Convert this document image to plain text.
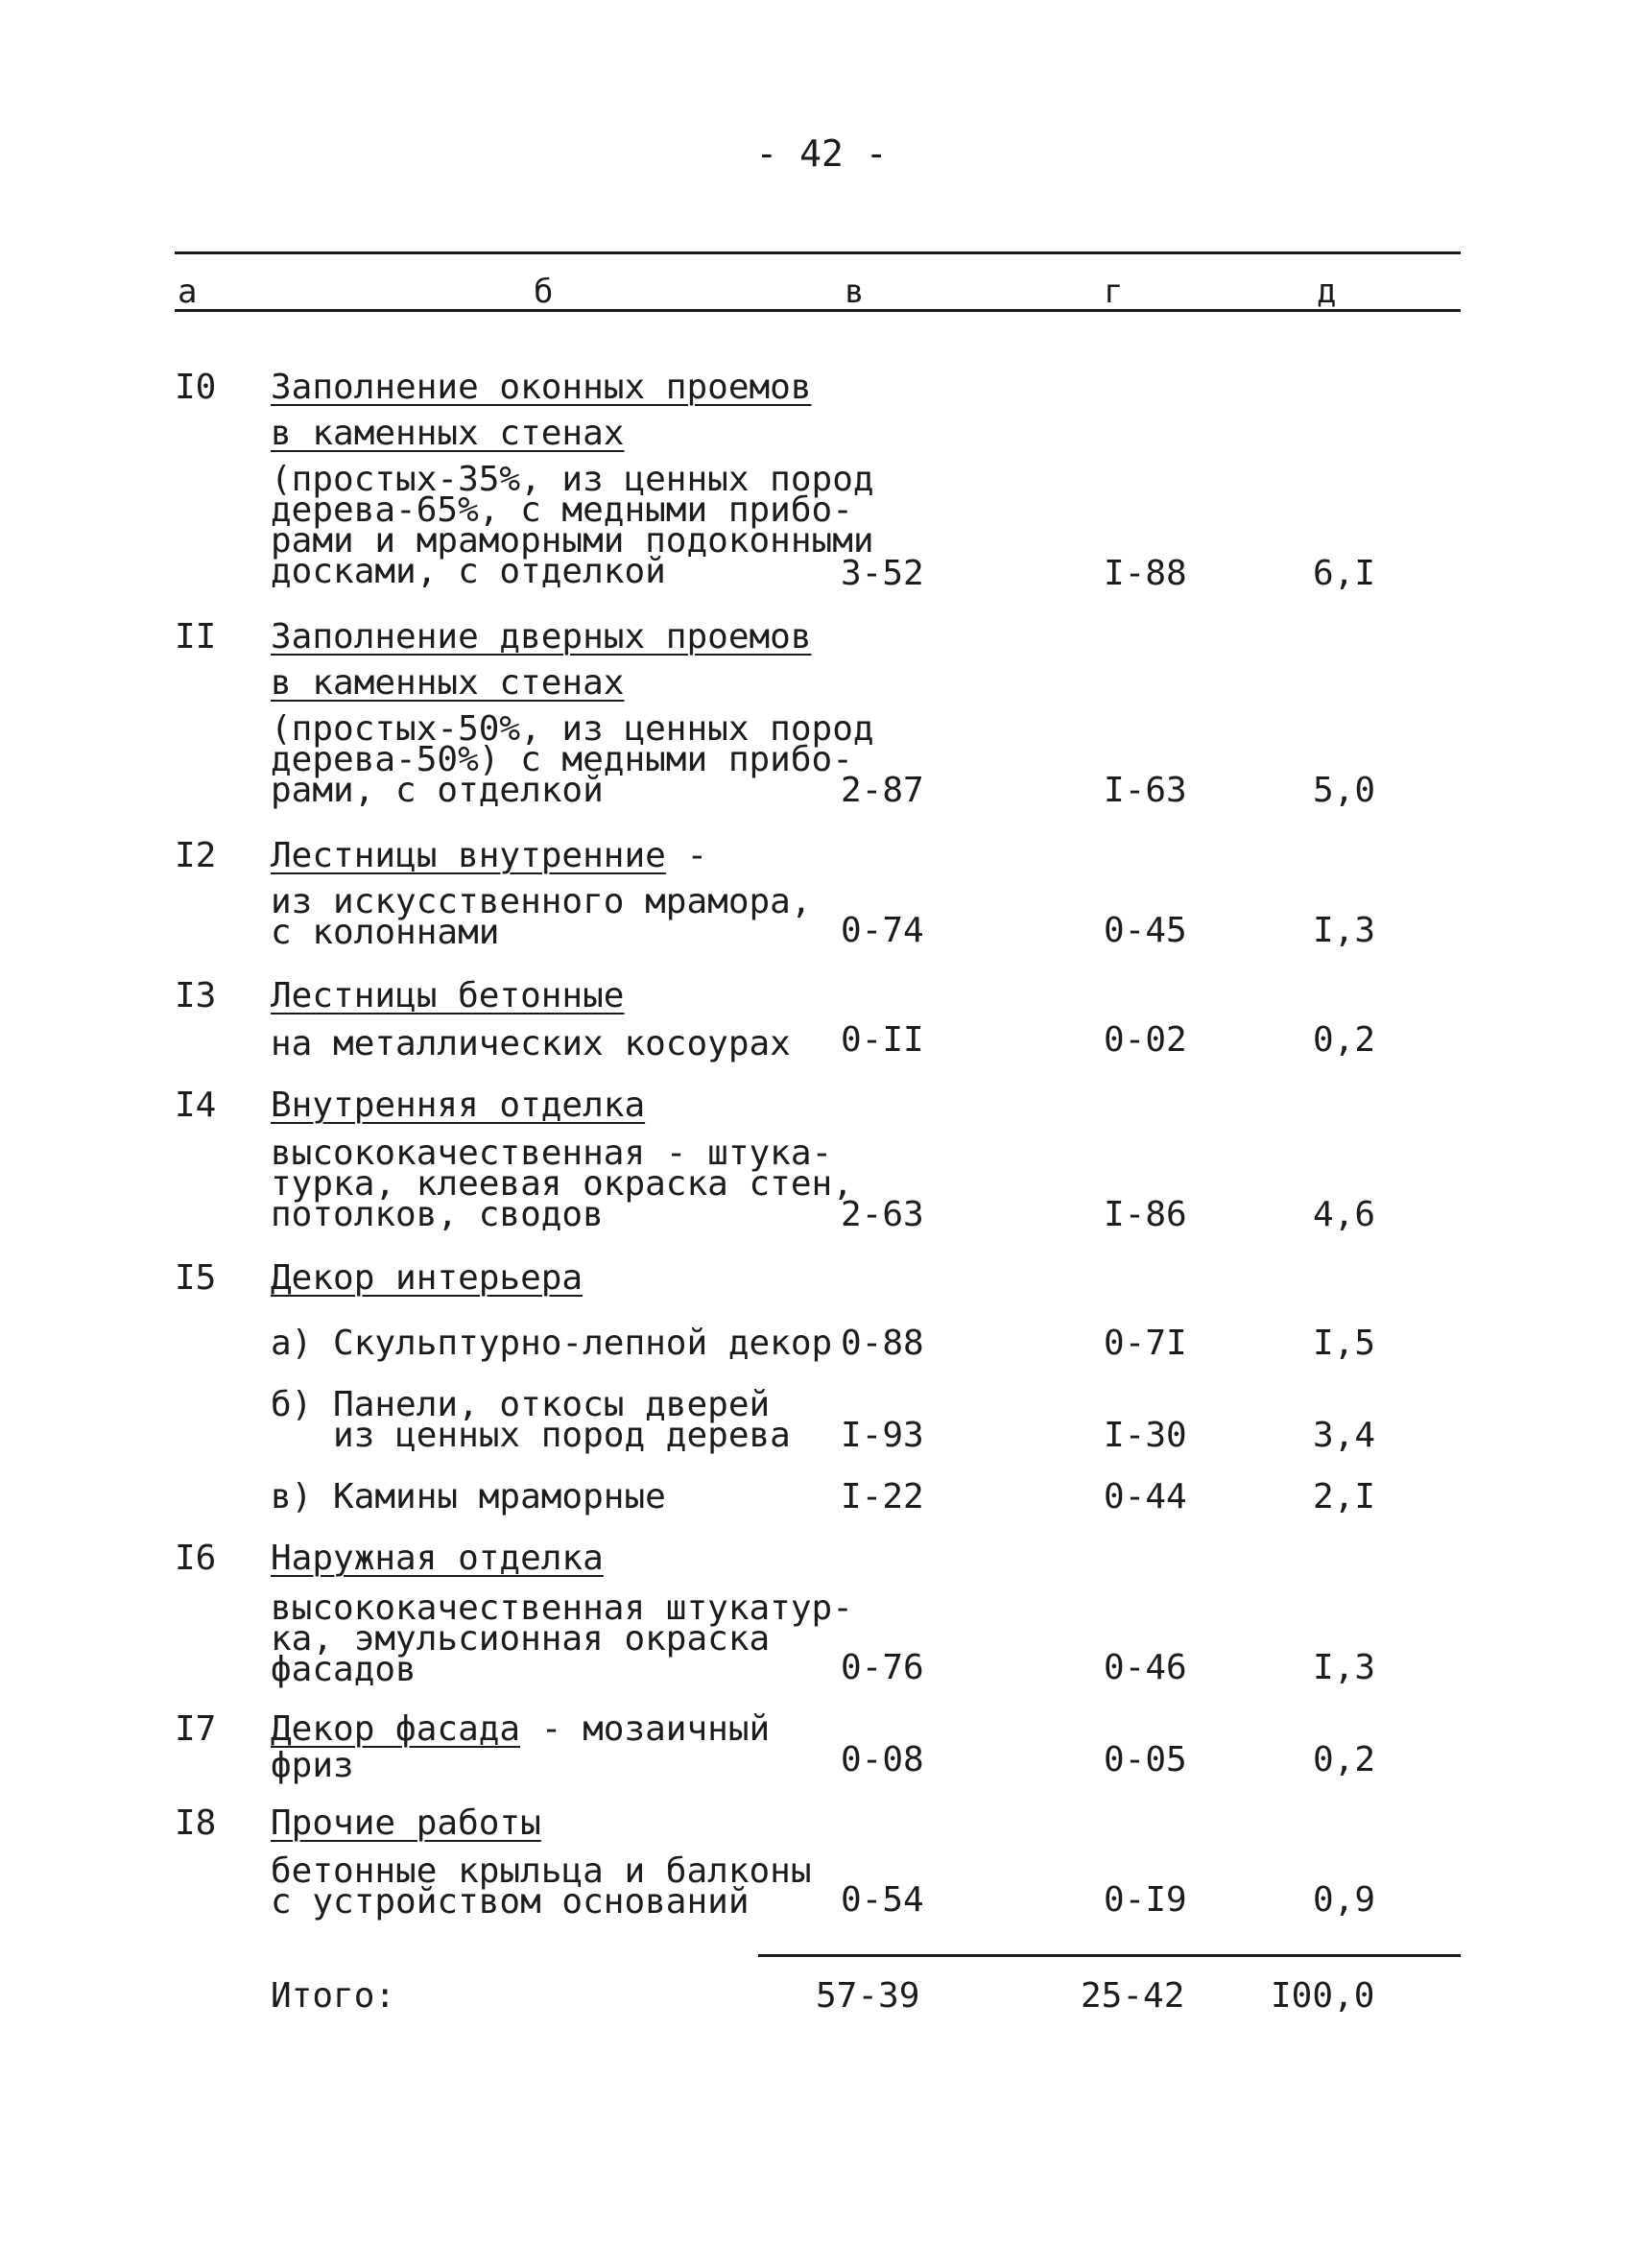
- 42 -
а	б	в	г	д
I0 Заполнение оконных проемов
в каменных стенах
(простых-35%, из ценных пород
дерева-65%, с медными прибо-
рами и мраморными подоконными
досками, с отделкой	3-52	I-88	6,I
II Заполнение дверных проемов
в каменных стенах
(простых-50%, из ценных пород
дерева-50%) с медными прибо-
рами, с отделкой	2-87	I-63	5,0
I2 Лестницы внутренние -
из искусственного мрамора,
с колоннами	0-74	0-45	I,3
I3 Лестницы бетонные
на металлических косоурах 0-II	0-02	0,2
I4 Внутренняя отделка
высококачественная - штука-
турка, клеевая окраска стен,
потолков, сводов	2-63	I-86	4,6
I5 Декор интерьера
а) Скульптурно-лепной декор 0-88	0-7I	I,5
б) Панели, откосы дверей
из ценных пород дерева I-93	I-30	3,4
в) Камины мраморные	I-22	0-44	2,I
I6 Наружная отделка
высококачественная штукатур-
ка, эмульсионная окраска
фасадов	0-76	0-46	I,3
I7 Декор фасада - мозаичный
фриз	0-08	0-05	0,2
I8 Прочие работы
бетонные крыльца и балконы
с устройством оснований	0-54	0-I9	0,9
Итого:	57-39	25-42 I00,0
